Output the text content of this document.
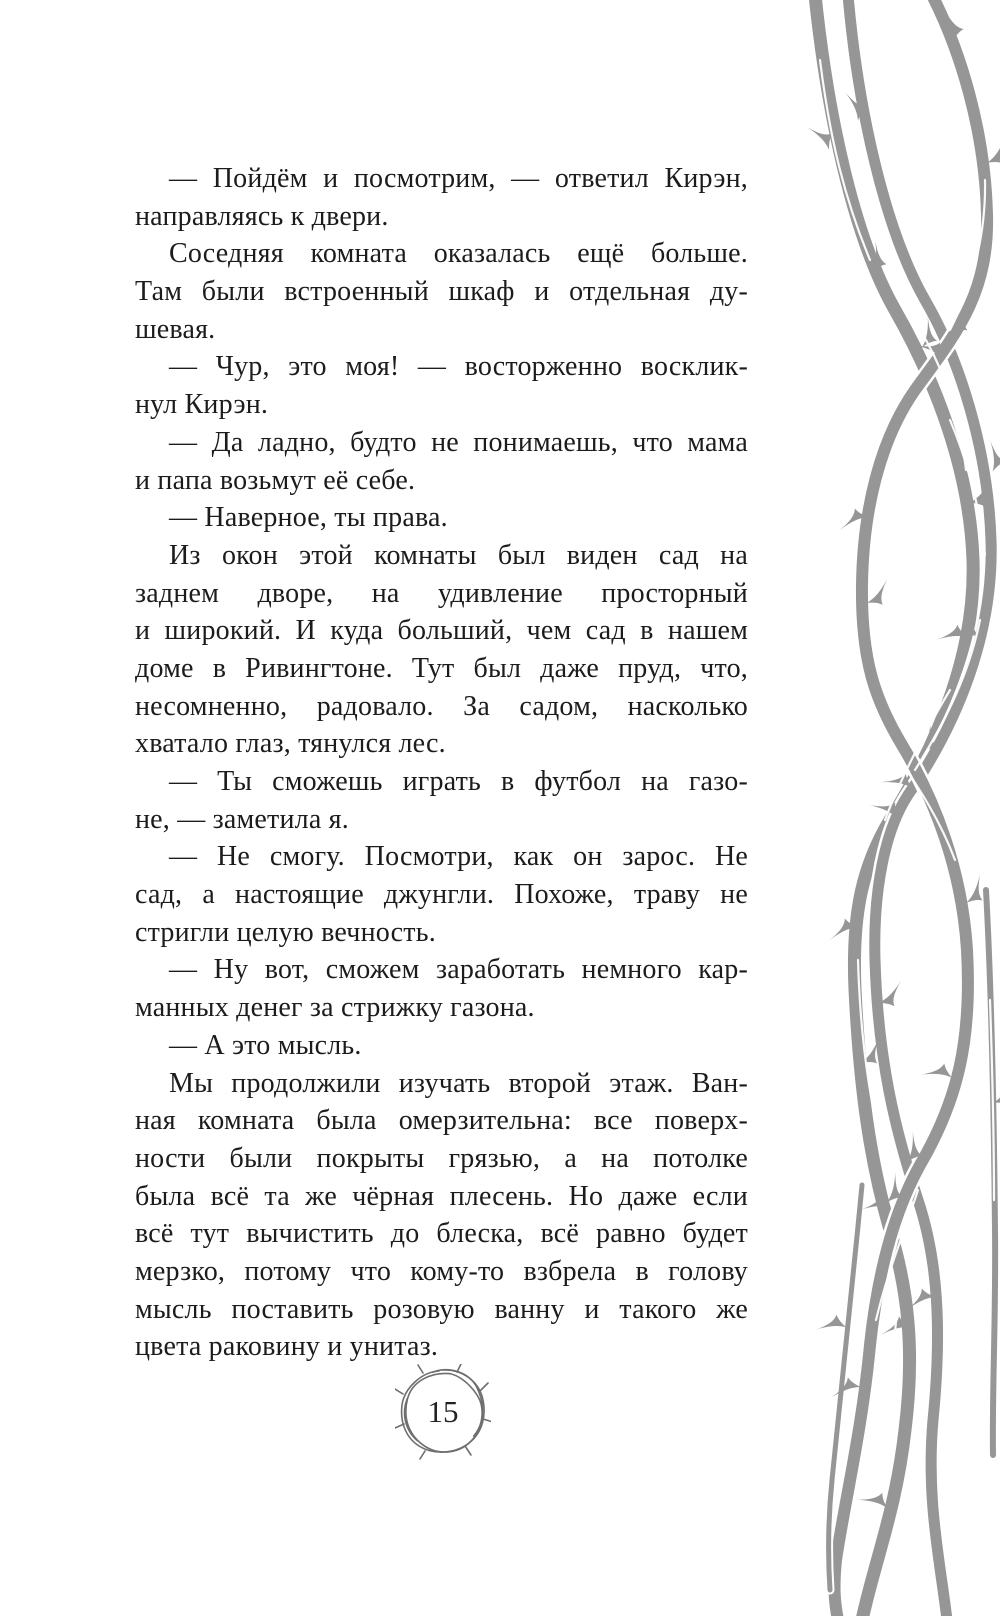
— Пойдём и посмотрим, — ответил Кирэн,
направляясь к двери.
Соседняя комната оказалась ещё больше.
Там были встроенный шкаф и отдельная ду-
шевая.
— Чур, это моя! — восторженно восклик-
нул Кирэн.
— Да ладно, будто не понимаешь, что мама
и папа возьмут её себе.
— Наверное, ты права.
Из окон этой комнаты был виден сад на
заднем дворе, на удивление просторный
и широкий. И куда больший, чем сад в нашем
доме в Ривингтоне. Тут был даже пруд, что,
несомненно, радовало. За садом, насколько
хватало глаз, тянулся лес.
— Ты сможешь играть в футбол на газо-
не, — заметила я.
— Не смогу. Посмотри, как он зарос. Не
сад, а настоящие джунгли. Похоже, траву не
стригли целую вечность.
— Ну вот, сможем заработать немного кар-
манных денег за стрижку газона.
— А это мысль.
Мы продолжили изучать второй этаж. Ван-
ная комната была омерзительна: все поверх-
ности были покрыты грязью, а на потолке
была всё та же чёрная плесень. Но даже если
всё тут вычистить до блеска, всё равно будет
мерзко, потому что кому-то взбрела в голову
мысль поставить розовую ванну и такого же
цвета раковину и унитаз.
15
